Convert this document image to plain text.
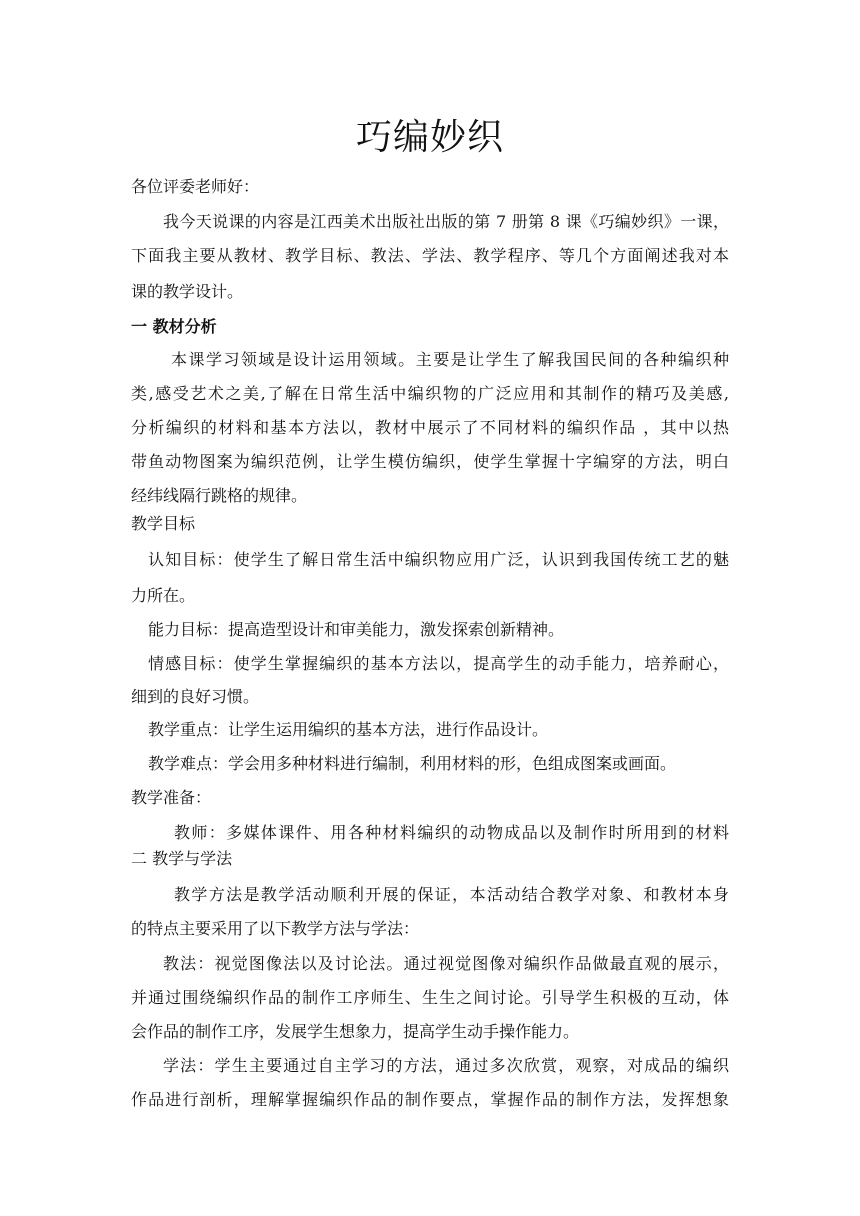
巧编妙织
各位评委老师好：
我今天说课的内容是江西美术出版社出版的第 7 册第 8 课《巧编妙织》一课，
下面我主要从教材、教学目标、教法、学法、教学程序、等几个方面阐述我对本
课的教学设计。
一 教材分析
本课学习领域是设计运用领域。主要是让学生了解我国民间的各种编织种
类,感受艺术之美,了解在日常生活中编织物的广泛应用和其制作的精巧及美感,
分析编织的材料和基本方法以，教材中展示了不同材料的编织作品 ，其中以热
带鱼动物图案为编织范例，让学生模仿编织，使学生掌握十字编穿的方法，明白
经纬线隔行跳格的规律。
教学目标
认知目标：使学生了解日常生活中编织物应用广泛，认识到我国传统工艺的魅
力所在。
能力目标：提高造型设计和审美能力，激发探索创新精神。
情感目标：使学生掌握编织的基本方法以，提高学生的动手能力，培养耐心，
细到的良好习惯。
教学重点：让学生运用编织的基本方法，进行作品设计。
教学难点：学会用多种材料进行编制，利用材料的形，色组成图案或画面。
教学准备：
教师：多媒体课件、用各种材料编织的动物成品以及制作时所用到的材料
二 教学与学法
教学方法是教学活动顺利开展的保证，本活动结合教学对象、和教材本身
的特点主要采用了以下教学方法与学法：
教法：视觉图像法以及讨论法。通过视觉图像对编织作品做最直观的展示，
并通过围绕编织作品的制作工序师生、生生之间讨论。引导学生积极的互动，体
会作品的制作工序，发展学生想象力，提高学生动手操作能力。
学法：学生主要通过自主学习的方法，通过多次欣赏，观察，对成品的编织
作品进行剖析，理解掌握编织作品的制作要点，掌握作品的制作方法，发挥想象
